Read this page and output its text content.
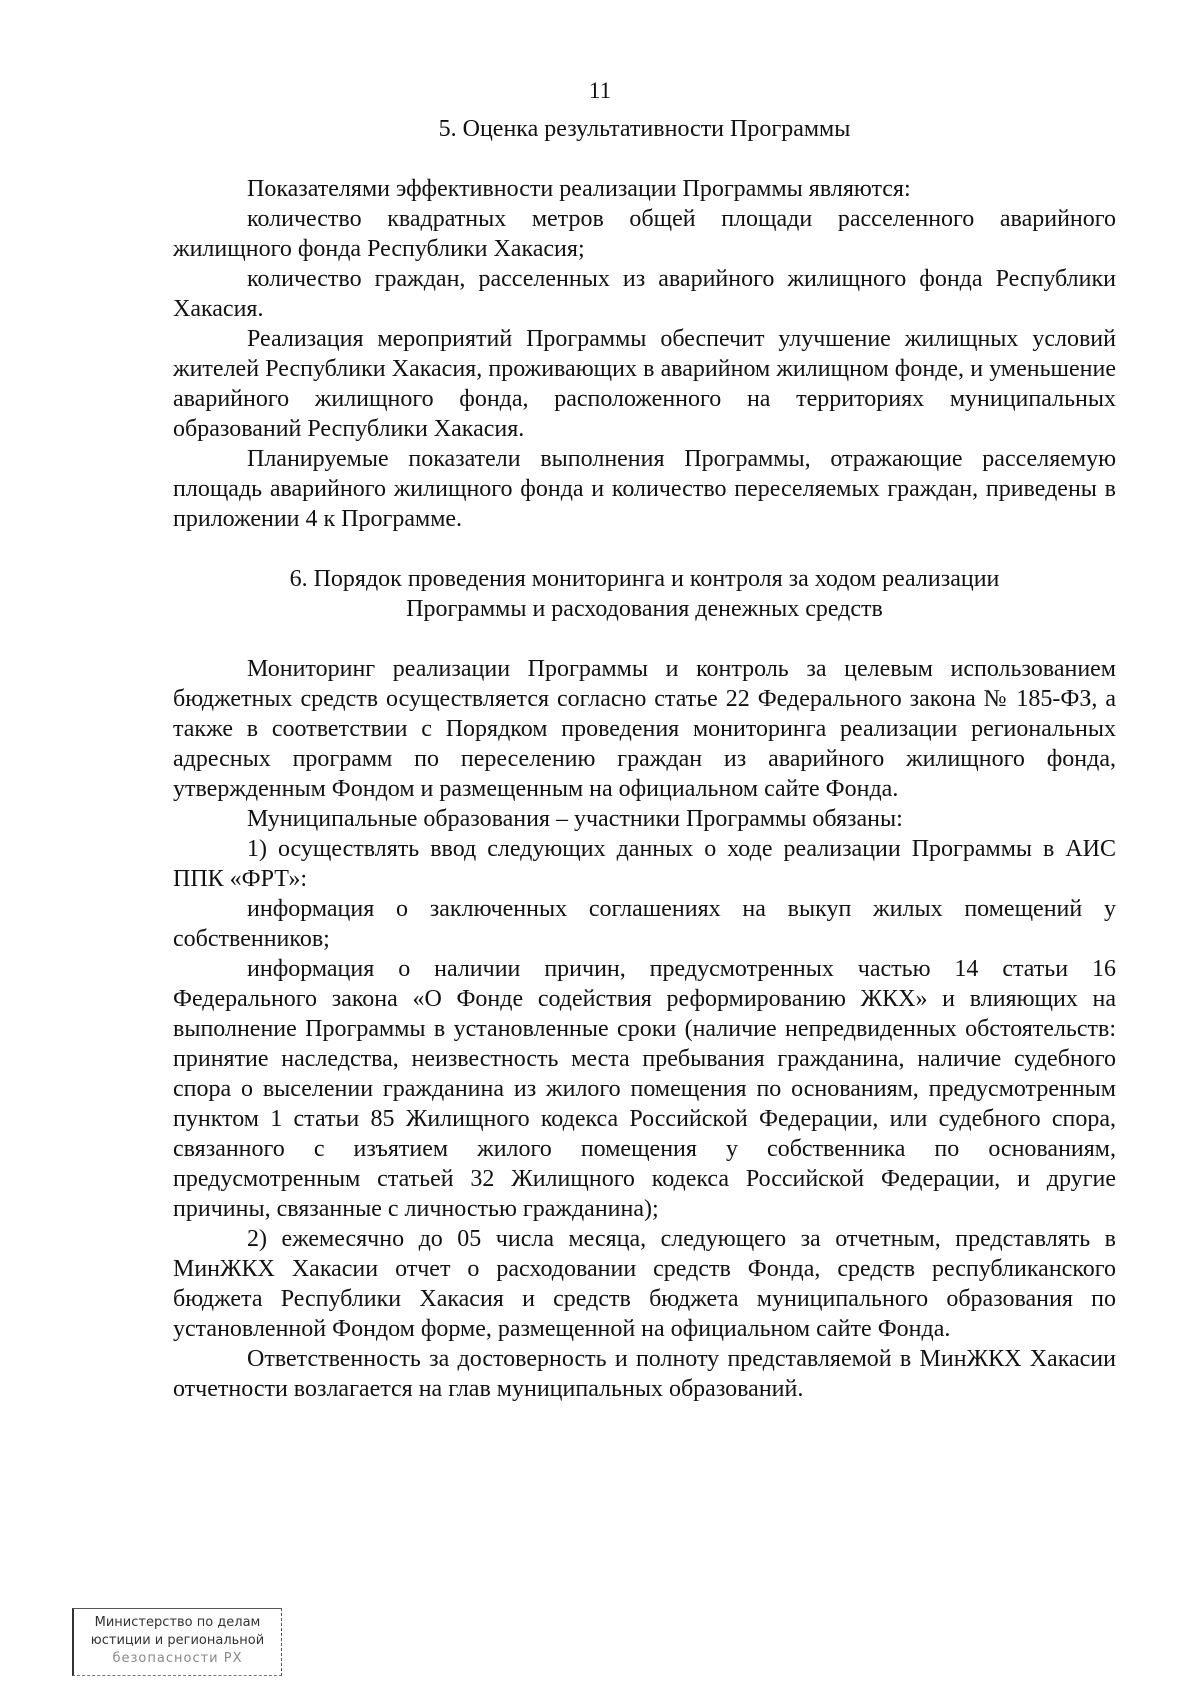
11
5. Оценка результативности Программы

Показателями эффективности реализации Программы являются:

количество квадратных метров общей площади расселенного аварийного жилищного фонда Республики Хакасия;

количество граждан, расселенных из аварийного жилищного фонда Республики Хакасия.

Реализация мероприятий Программы обеспечит улучшение жилищных условий жителей Республики Хакасия, проживающих в аварийном жилищном фонде, и уменьшение аварийного жилищного фонда, расположенного на территориях муниципальных образований Республики Хакасия.

Планируемые показатели выполнения Программы, отражающие расселяемую площадь аварийного жилищного фонда и количество переселяемых граждан, приведены в приложении 4 к Программе.

6. Порядок проведения мониторинга и контроля за ходом реализации
Программы и расходования денежных средств

Мониторинг реализации Программы и контроль за целевым использованием бюджетных средств осуществляется согласно статье 22 Федерального закона № 185-ФЗ, а также в соответствии с Порядком проведения мониторинга реализации региональных адресных программ по переселению граждан из аварийного жилищного фонда, утвержденным Фондом и размещенным на официальном сайте Фонда.

Муниципальные образования – участники Программы обязаны:

1) осуществлять ввод следующих данных о ходе реализации Программы в АИС ППК «ФРТ»:

информация о заключенных соглашениях на выкуп жилых помещений у собственников;

информация о наличии причин, предусмотренных частью 14 статьи 16 Федерального закона «О Фонде содействия реформированию ЖКХ» и влияющих на выполнение Программы в установленные сроки (наличие непредвиденных обстоятельств: принятие наследства, неизвестность места пребывания гражданина, наличие судебного спора о выселении гражданина из жилого помещения по основаниям, предусмотренным пунктом 1 статьи 85 Жилищного кодекса Российской Федерации, или судебного спора, связанного с изъятием жилого помещения у собственника по основаниям, предусмотренным статьей 32 Жилищного кодекса Российской Федерации, и другие причины, связанные с личностью гражданина);

2) ежемесячно до 05 числа месяца, следующего за отчетным, представлять в МинЖКХ Хакасии отчет о расходовании средств Фонда, средств республиканского бюджета Республики Хакасия и средств бюджета муниципального образования по установленной Фондом форме, размещенной на официальном сайте Фонда.

Ответственность за достоверность и полноту представляемой в МинЖКХ Хакасии отчетности возлагается на глав муниципальных образований.

Министерство по делам
юстиции и региональной
безопасности РХ
